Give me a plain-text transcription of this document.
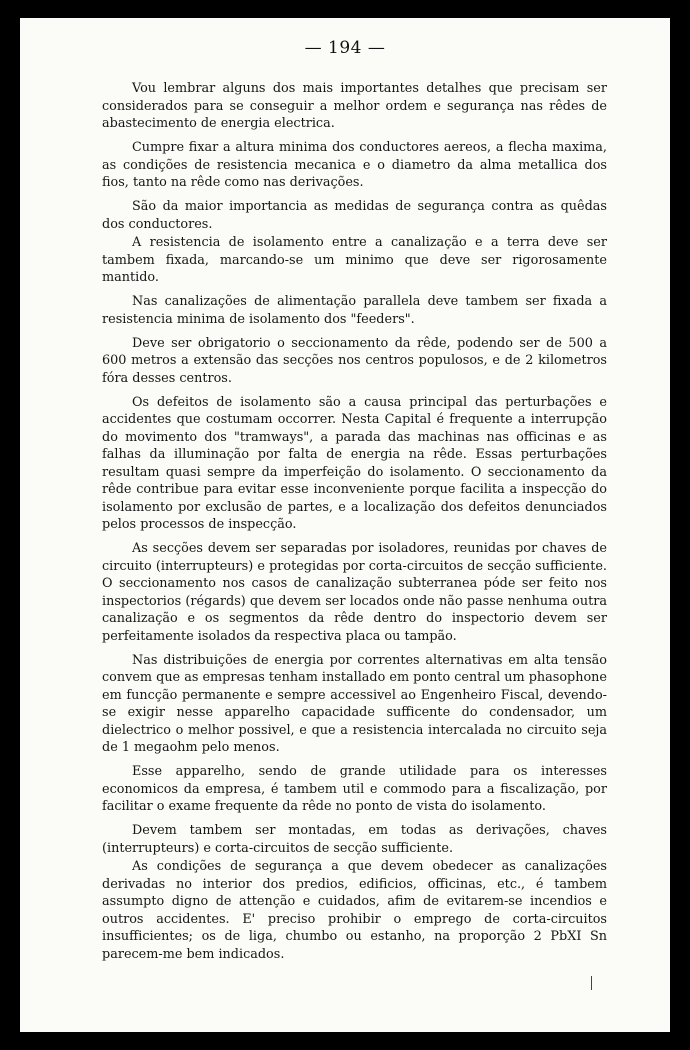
— 194 —

Vou lembrar alguns dos mais importantes detalhes que precisam ser considerados para se conseguir a melhor ordem e segurança nas rêdes de abastecimento de energia electrica.

Cumpre fixar a altura minima dos conductores aereos, a flecha maxima, as condições de resistencia mecanica e o diametro da alma metallica dos fios, tanto na rêde como nas derivações.

São da maior importancia as medidas de segurança contra as quêdas dos conductores.

A resistencia de isolamento entre a canalização e a terra deve ser tambem fixada, marcando-se um minimo que deve ser rigorosamente mantido.

Nas canalizações de alimentação parallela deve tambem ser fixada a resistencia minima de isolamento dos "feeders".

Deve ser obrigatorio o seccionamento da rêde, podendo ser de 500 a 600 metros a extensão das secções nos centros populosos, e de 2 kilometros fóra desses centros.

Os defeitos de isolamento são a causa principal das perturbações e accidentes que costumam occorrer. Nesta Capital é frequente a interrupção do movimento dos "tramways", a parada das machinas nas officinas e as falhas da illuminação por falta de energia na rêde. Essas perturbações resultam quasi sempre da imperfeição do isolamento. O seccionamento da rêde contribue para evitar esse inconveniente porque facilita a inspecção do isolamento por exclusão de partes, e a localização dos defeitos denunciados pelos processos de inspecção.

As secções devem ser separadas por isoladores, reunidas por chaves de circuito (interrupteurs) e protegidas por corta-circuitos de secção sufficiente. O seccionamento nos casos de canalização subterranea póde ser feito nos inspectorios (régards) que devem ser locados onde não passe nenhuma outra canalização e os segmentos da rêde dentro do inspectorio devem ser perfeitamente isolados da respectiva placa ou tampão.

Nas distribuições de energia por correntes alternativas em alta tensão convem que as empresas tenham installado em ponto central um phasophone em funcção permanente e sempre accessivel ao Engenheiro Fiscal, devendo-se exigir nesse apparelho capacidade sufficente do condensador, um dielectrico o melhor possivel, e que a resistencia intercalada no circuito seja de 1 megaohm pelo menos.

Esse apparelho, sendo de grande utilidade para os interesses economicos da empresa, é tambem util e commodo para a fiscalização, por facilitar o exame frequente da rêde no ponto de vista do isolamento.

Devem tambem ser montadas, em todas as derivações, chaves (interrupteurs) e corta-circuitos de secção sufficiente.

As condições de segurança a que devem obedecer as canalizações derivadas no interior dos predios, edificios, officinas, etc., é tambem assumpto digno de attenção e cuidados, afim de evitarem-se incendios e outros accidentes. E' preciso prohibir o emprego de corta-circuitos insufficientes; os de liga, chumbo ou estanho, na proporção 2 PbXI Sn parecem-me bem indicados.
